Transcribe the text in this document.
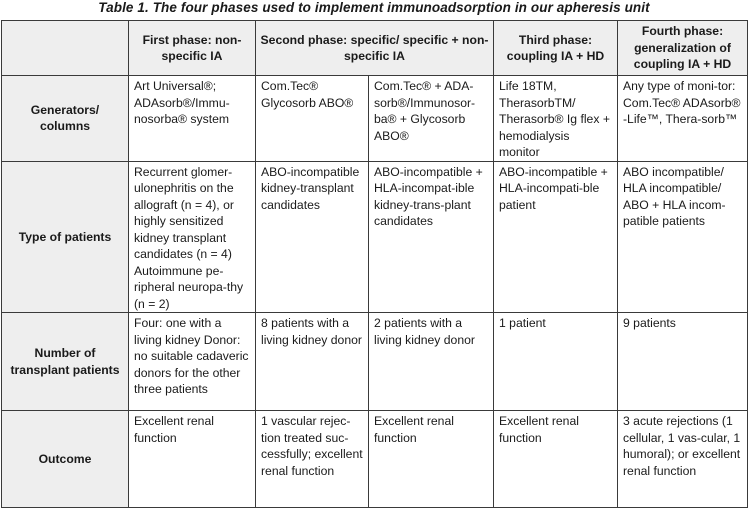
Table 1. The four phases used to implement immunoadsorption in our apheresis unit
	First phase: non-specific IA	Second phase: specific/ specific + non-specific IA		Third phase: coupling IA + HD	Fourth phase: generalization of coupling IA + HD
Generators/ columns	Art Universal®; ADAsorb®/Immu-nosorba® system	Com.Tec® Glycosorb ABO®	Com.Tec® + ADA-sorb®/Immunosor-ba® + Glycosorb ABO®	Life 18TM, TherasorbTM/ Therasorb® Ig flex + hemodialysis monitor	Any type of moni-tor: Com.Tec® ADAsorb® -Life™, Thera-sorb™
Type of patients	Recurrent glomer-ulonephritis on the allograft (n = 4), or highly sensitized kidney transplant candidates (n = 4) Autoimmune pe-ripheral neuropa-thy (n = 2)	ABO-incompatible kidney-transplant candidates	ABO-incompatible + HLA-incompat-ible kidney-trans-plant candidates	ABO-incompatible + HLA-incompati-ble patient	ABO incompatible/ HLA incompatible/ ABO + HLA incom-patible patients
Number of transplant patients	Four: one with a living kidney Donor: no suitable cadaveric donors for the other three patients	8 patients with a living kidney donor	2 patients with a living kidney donor	1 patient	9 patients
Outcome	Excellent renal function	1 vascular rejec-tion treated suc-cessfully; excellent renal function	Excellent renal function	Excellent renal function	3 acute rejections (1 cellular, 1 vas-cular, 1 humoral); or excellent renal function
